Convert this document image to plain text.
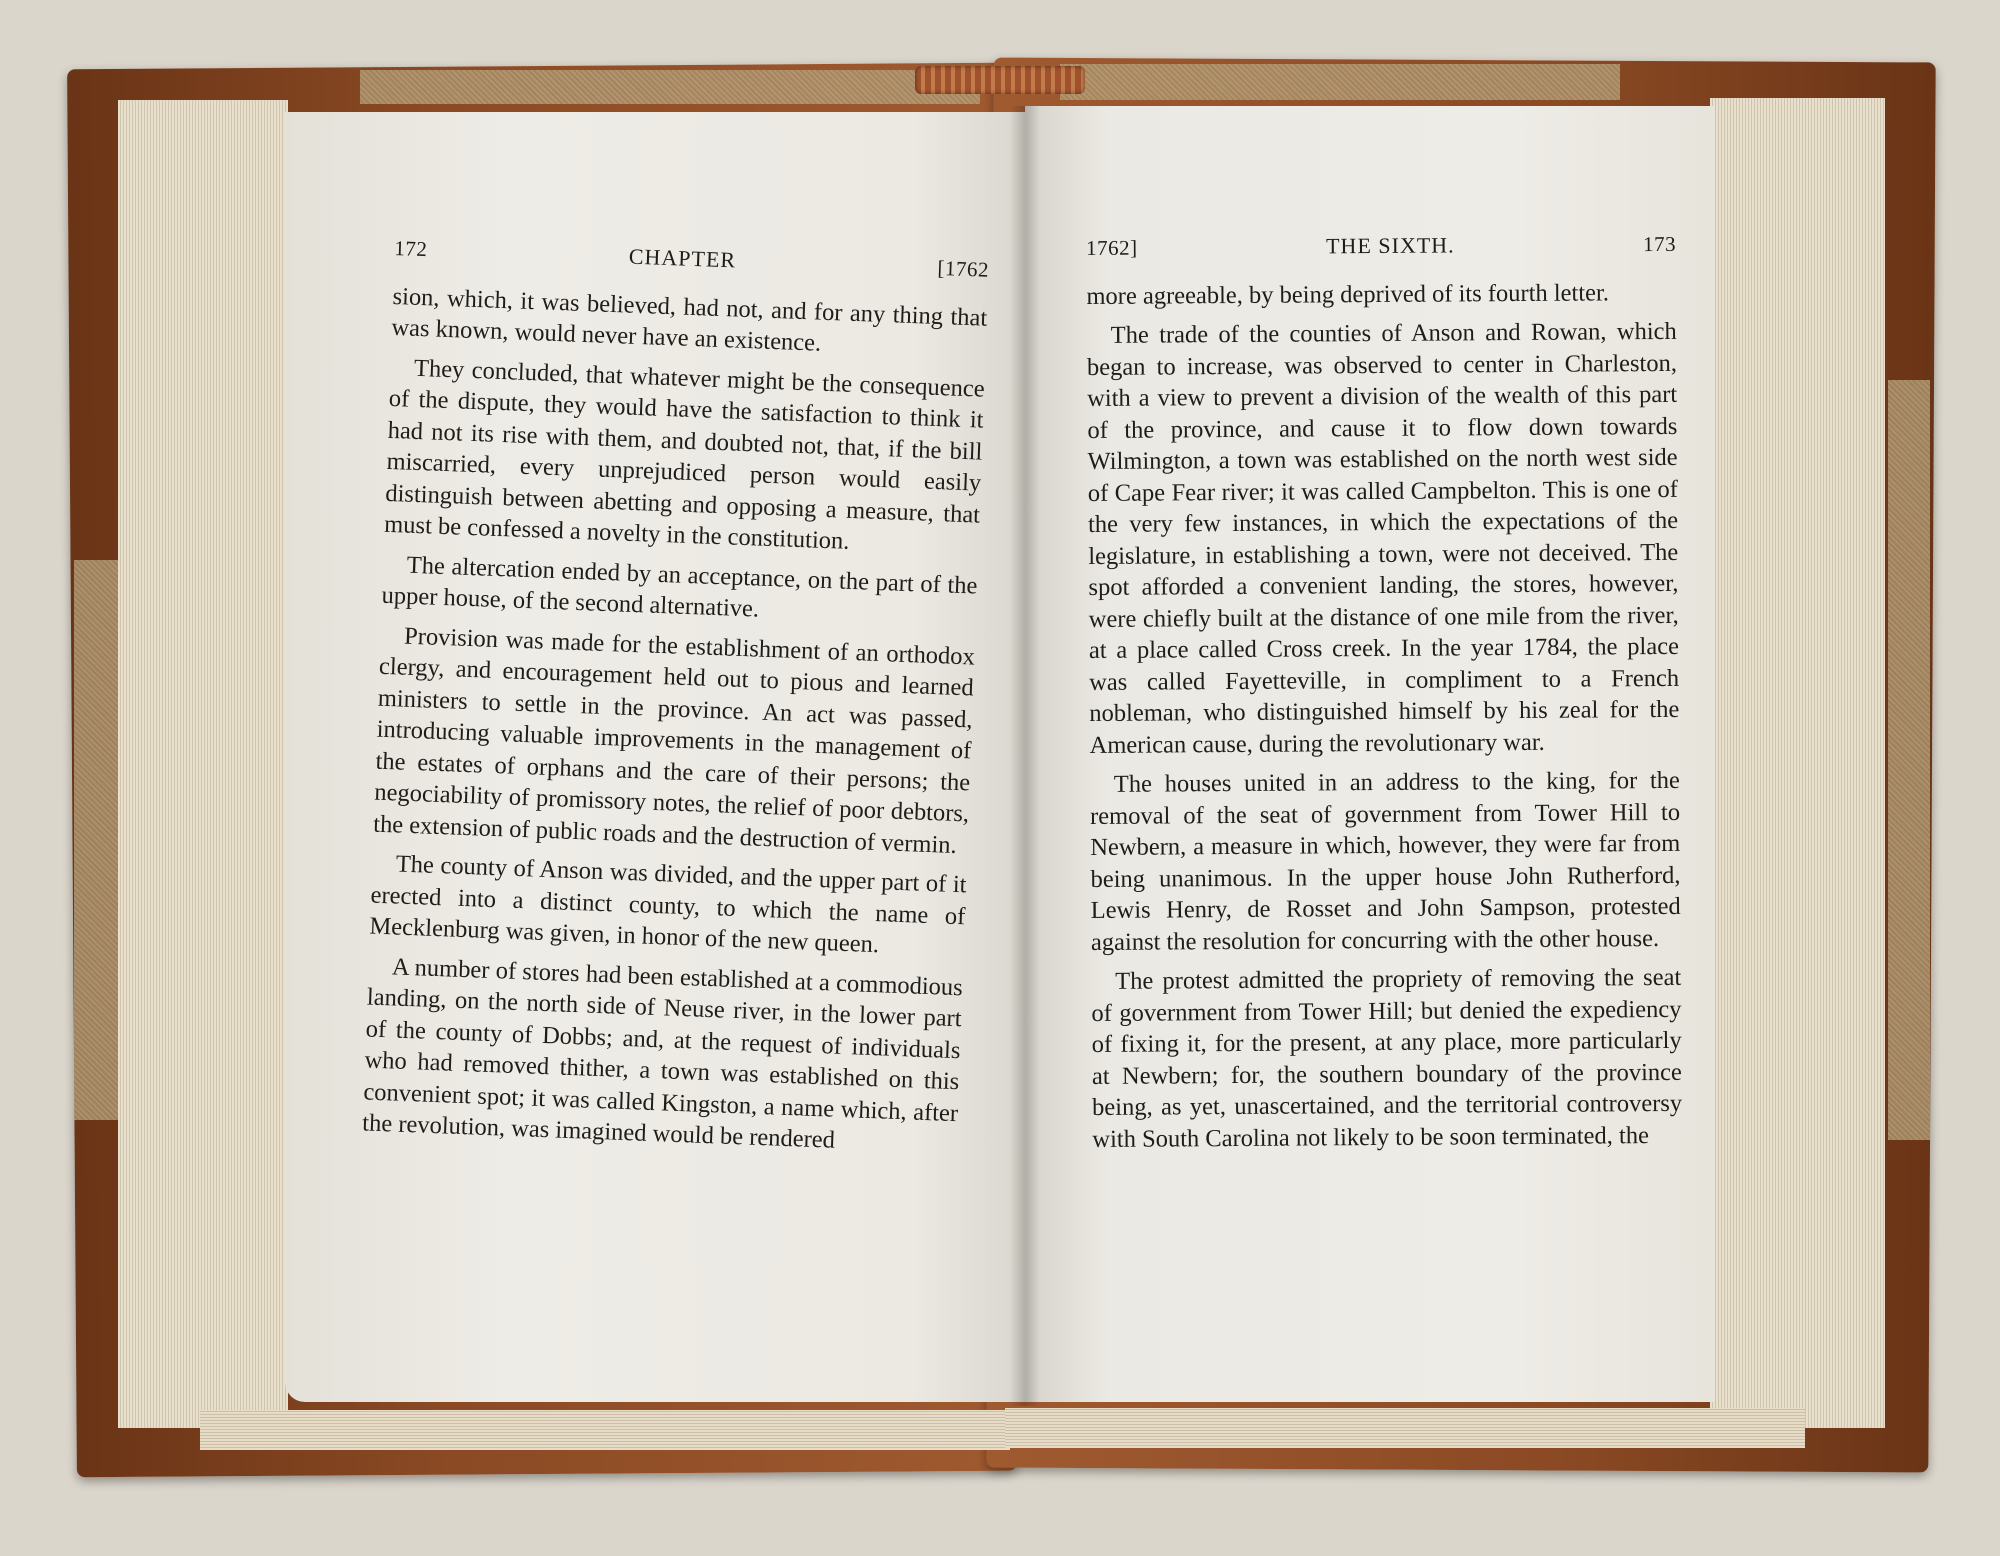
172	CHAPTER	[1762

sion, which, it was believed, had not, and for any thing that was known, would never have an existence.

They concluded, that whatever might be the consequence of the dispute, they would have the satisfaction to think it had not its rise with them, and doubted not, that, if the bill miscarried, every unprejudiced person would easily distinguish between abetting and opposing a measure, that must be confessed a novelty in the constitution.

The altercation ended by an acceptance, on the part of the upper house, of the second alternative.

Provision was made for the establishment of an orthodox clergy, and encouragement held out to pious and learned ministers to settle in the province. An act was passed, introducing valuable improvements in the management of the estates of orphans and the care of their persons; the negociability of promissory notes, the relief of poor debtors, the extension of public roads and the destruction of vermin.

The county of Anson was divided, and the upper part of it erected into a distinct county, to which the name of Mecklenburg was given, in honor of the new queen.

A number of stores had been established at a commodious landing, on the north side of Neuse river, in the lower part of the county of Dobbs; and, at the request of individuals who had removed thither, a town was established on this convenient spot; it was called Kingston, a name which, after the revolution, was imagined would be rendered

1762]	THE SIXTH.	173

more agreeable, by being deprived of its fourth letter.

The trade of the counties of Anson and Rowan, which began to increase, was observed to center in Charleston, with a view to prevent a division of the wealth of this part of the province, and cause it to flow down towards Wilmington, a town was established on the north west side of Cape Fear river; it was called Campbelton. This is one of the very few instances, in which the expectations of the legislature, in establishing a town, were not deceived. The spot afforded a convenient landing, the stores, however, were chiefly built at the distance of one mile from the river, at a place called Cross creek. In the year 1784, the place was called Fayetteville, in compliment to a French nobleman, who distinguished himself by his zeal for the American cause, during the revolutionary war.

The houses united in an address to the king, for the removal of the seat of government from Tower Hill to Newbern, a measure in which, however, they were far from being unanimous. In the upper house John Rutherford, Lewis Henry, de Rosset and John Sampson, protested against the resolution for concurring with the other house.

The protest admitted the propriety of removing the seat of government from Tower Hill; but denied the expediency of fixing it, for the present, at any place, more particularly at Newbern; for, the southern boundary of the province being, as yet, unascertained, and the territorial controversy with South Carolina not likely to be soon terminated, the
